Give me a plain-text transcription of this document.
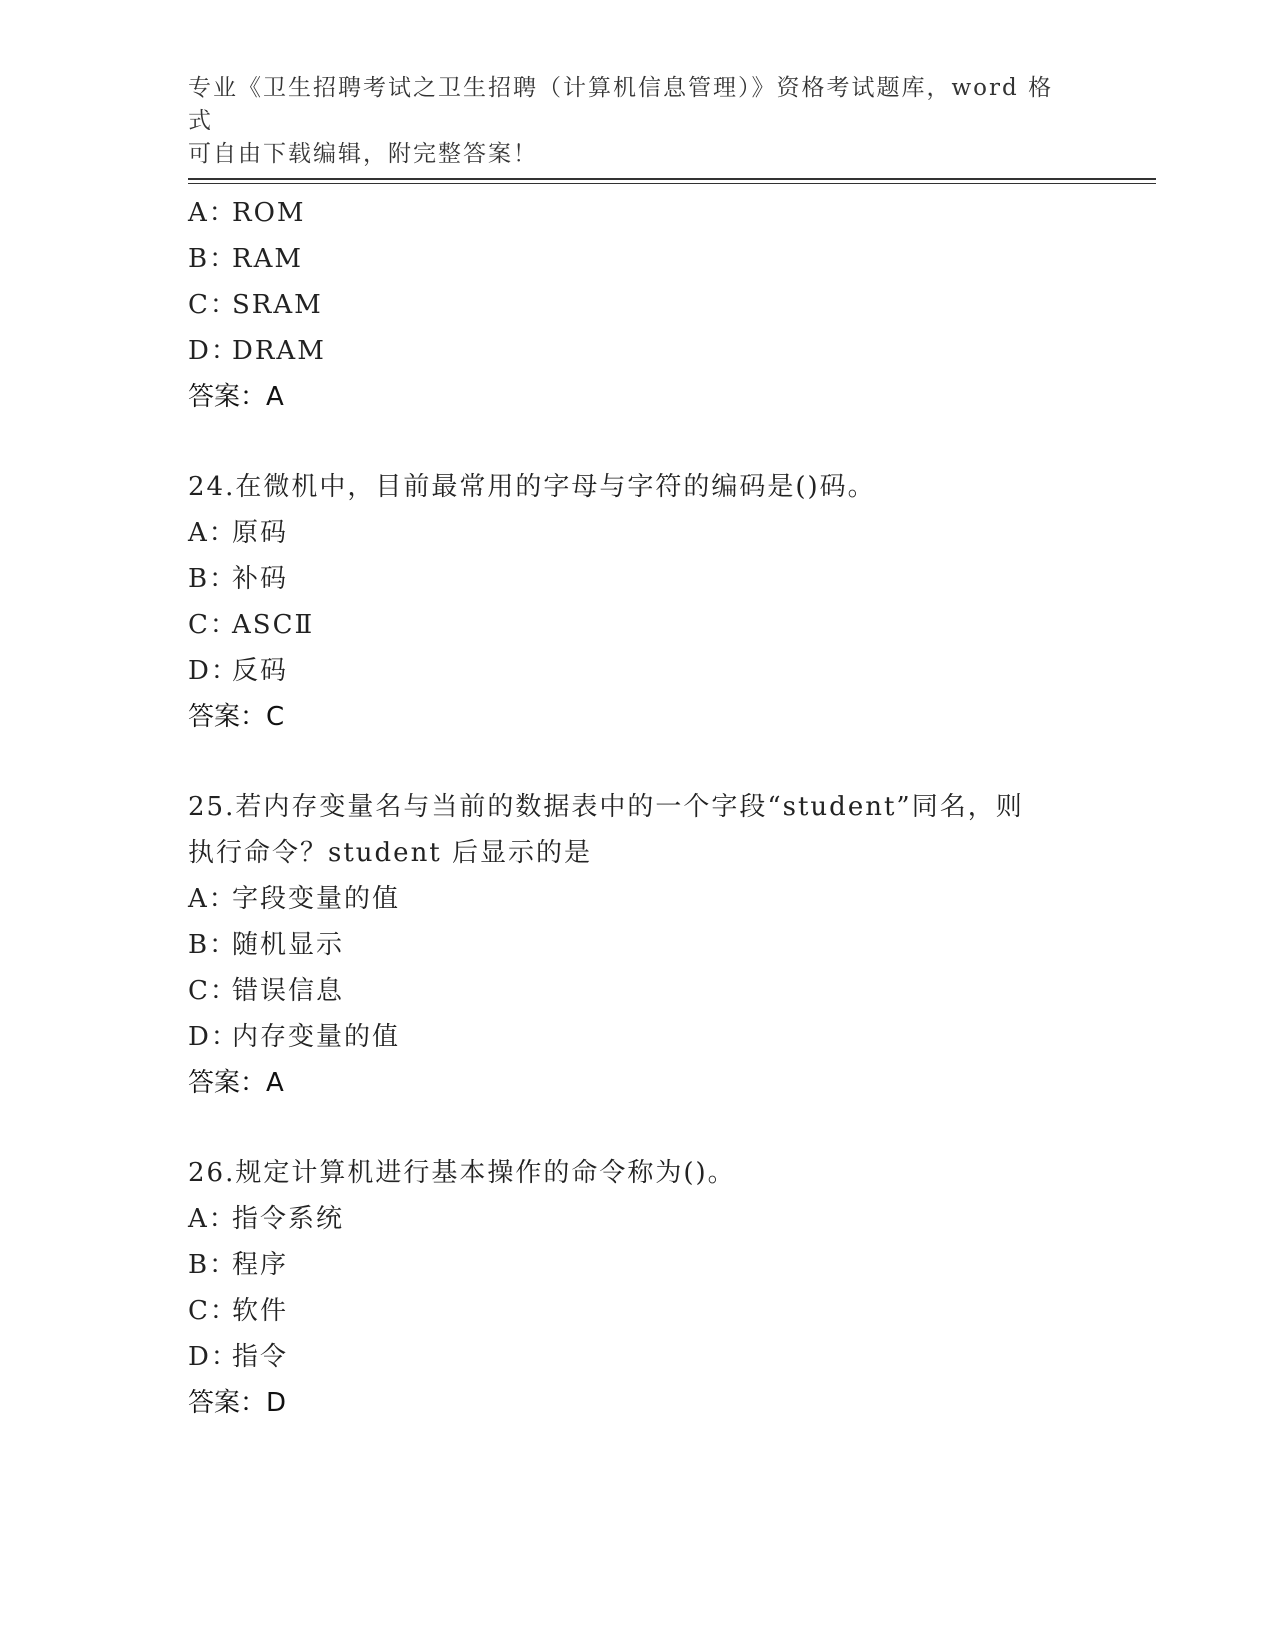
专业《卫生招聘考试之卫生招聘（计算机信息管理）》资格考试题库，word 格式
可自由下载编辑，附完整答案！
A：ROM
B：RAM
C：SRAM
D：DRAM
答案：A
24.在微机中，目前最常用的字母与字符的编码是()码。
A：原码
B：补码
C：ASCⅡ
D：反码
答案：C
25.若内存变量名与当前的数据表中的一个字段“student”同名，则
执行命令？student 后显示的是
A：字段变量的值
B：随机显示
C：错误信息
D：内存变量的值
答案：A
26.规定计算机进行基本操作的命令称为()。
A：指令系统
B：程序
C：软件
D：指令
答案：D
